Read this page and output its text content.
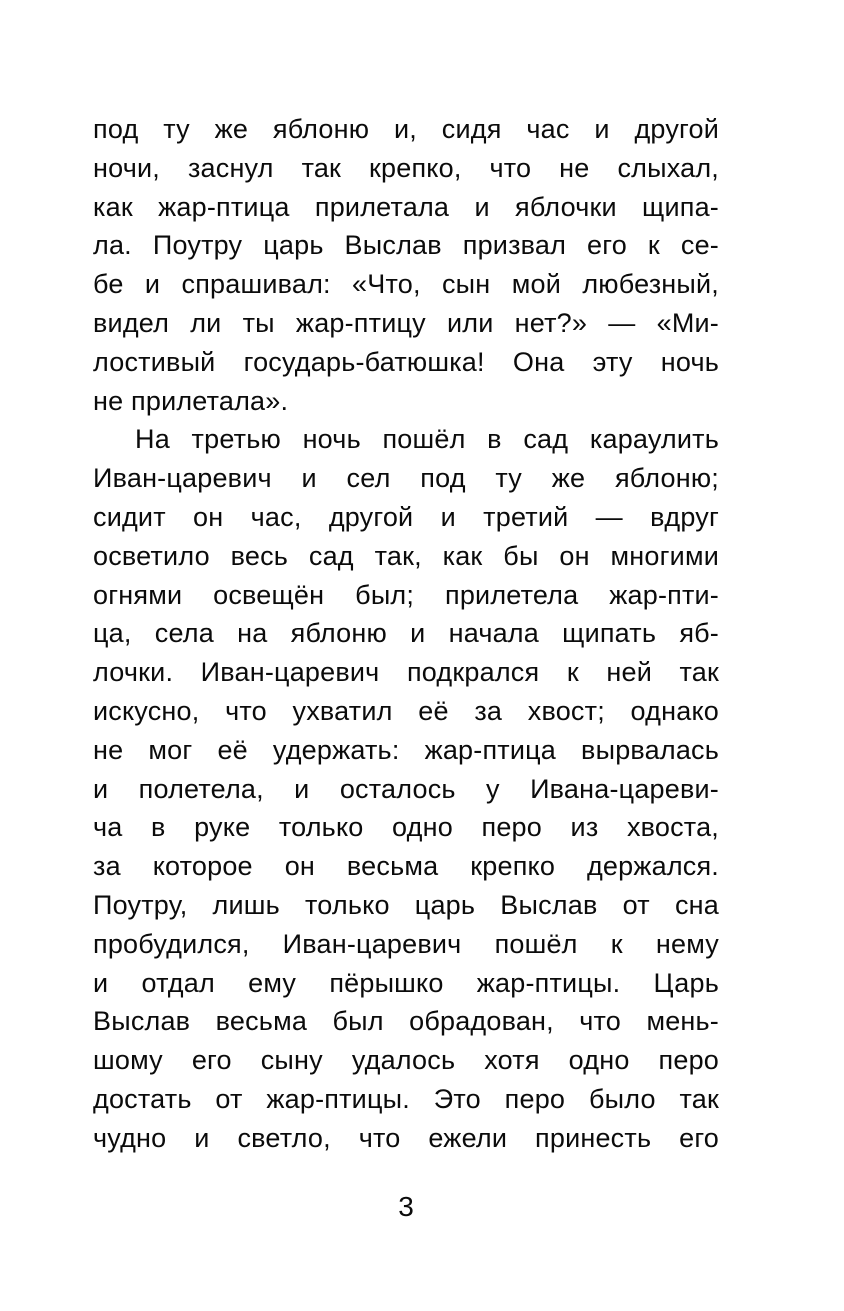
под ту же яблоню и, сидя час и другой
ночи, заснул так крепко, что не слыхал,
как жар-птица прилетала и яблочки щипа-
ла. Поутру царь Выслав призвал его к се-
бе и спрашивал: «Что, сын мой любезный,
видел ли ты жар-птицу или нет?» — «Ми-
лостивый государь-батюшка! Она эту ночь
не прилетала».
На третью ночь пошёл в сад караулить
Иван-царевич и сел под ту же яблоню;
сидит он час, другой и третий — вдруг
осветило весь сад так, как бы он многими
огнями освещён был; прилетела жар-пти-
ца, села на яблоню и начала щипать яб-
лочки. Иван-царевич подкрался к ней так
искусно, что ухватил её за хвост; однако
не мог её удержать: жар-птица вырвалась
и полетела, и осталось у Ивана-цареви-
ча в руке только одно перо из хвоста,
за которое он весьма крепко держался.
Поутру, лишь только царь Выслав от сна
пробудился, Иван-царевич пошёл к нему
и отдал ему пёрышко жар-птицы. Царь
Выслав весьма был обрадован, что мень-
шому его сыну удалось хотя одно перо
достать от жар-птицы. Это перо было так
чудно и светло, что ежели принесть его
3
